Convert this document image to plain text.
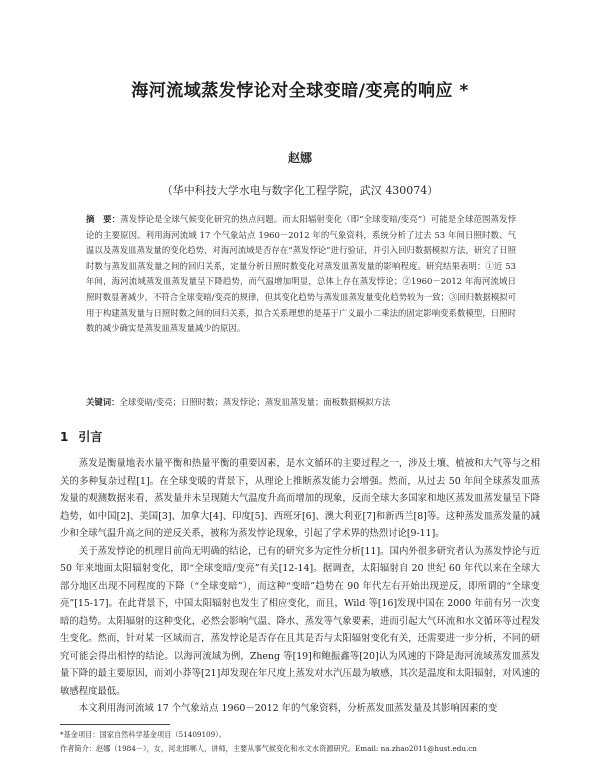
海河流域蒸发悖论对全球变暗/变亮的响应 *
赵娜
（华中科技大学水电与数字化工程学院，武汉 430074）
摘　要：蒸发悖论是全球气候变化研究的热点问题。而太阳辐射变化（即“全球变暗/变亮”）可能是全球范围蒸发悖论的主要原因。利用海河流域 17 个气象站点 1960－2012 年的气象资料，系统分析了过去 53 年间日照时数、气温以及蒸发皿蒸发量的变化趋势，对海河流域是否存在“蒸发悖论”进行验证，并引入回归数据模拟方法，研究了日照时数与蒸发皿蒸发量之间的回归关系，定量分析日照时数变化对蒸发皿蒸发量的影响程度。研究结果表明：①近 53 年间，海河流域蒸发皿蒸发量呈下降趋势，而气温增加明显，总体上存在蒸发悖论；②1960－2012 年海河流域日照时数显著减少，不符合全球变暗/变亮的规律，但其变化趋势与蒸发皿蒸发量变化趋势较为一致；③回归数据模拟可用于构建蒸发量与日照时数之间的回归关系，拟合关系理想的是基于广义最小二乘法的固定影响变系数模型，日照时数的减少确实是蒸发皿蒸发量减少的原因。
关键词：全球变暗/变亮；日照时数；蒸发悖论；蒸发皿蒸发量；面板数据模拟方法
1 引言

蒸发是衡量地表水量平衡和热量平衡的重要因素，是水文循环的主要过程之一，涉及土壤、植被和大气等与之相关的多种复杂过程[1]。在全球变暖的背景下，从理论上推断蒸发能力会增强。然而，从过去 50 年间全球蒸发皿蒸发量的观测数据来看，蒸发量并未呈现随大气温度升高而增加的现象，反而全球大多国家和地区蒸发皿蒸发量呈下降趋势，如中国[2]、美国[3]、加拿大[4]、印度[5]、西班牙[6]、澳大利亚[7]和新西兰[8]等。这种蒸发皿蒸发量的减少和全球气温升高之间的逆反关系，被称为蒸发悖论现象，引起了学术界的热烈讨论[9-11]。

关于蒸发悖论的机理目前尚无明确的结论，已有的研究多为定性分析[11]。国内外很多研究者认为蒸发悖论与近 50 年来地面太阳辐射变化，即“全球变暗/变亮”有关[12-14]。据调查，太阳辐射自 20 世纪 60 年代以来在全球大部分地区出现不同程度的下降（“全球变暗”），而这种“变暗”趋势在 90 年代左右开始出现逆反，即所谓的“全球变亮”[15-17]。在此背景下，中国太阳辐射也发生了相应变化，而且，Wild 等[16]发现中国在 2000 年前有另一次变暗的趋势。太阳辐射的这种变化，必然会影响气温、降水、蒸发等气象要素，进而引起大气环流和水文循环等过程发生变化。然而，针对某一区域而言，蒸发悖论是否存在且其是否与太阳辐射变化有关，还需要进一步分析，不同的研究可能会得出相悖的结论。以海河流域为例，Zheng 等[19]和鲍振鑫等[20]认为风速的下降是海河流域蒸发皿蒸发量下降的最主要原因，而刘小莽等[21]却发现在年尺度上蒸发对水汽压最为敏感，其次是温度和太阳辐射，对风速的敏感程度最低。

本文利用海河流域 17 个气象站点 1960－2012 年的气象资料，分析蒸发皿蒸发量及其影响因素的变

*基金项目：国家自然科学基金项目（51409109）。
作者简介：赵娜（1984－），女，河北邯郸人，讲师，主要从事气候变化和水文水资源研究。Email: na.zhao2011@hust.edu.cn
